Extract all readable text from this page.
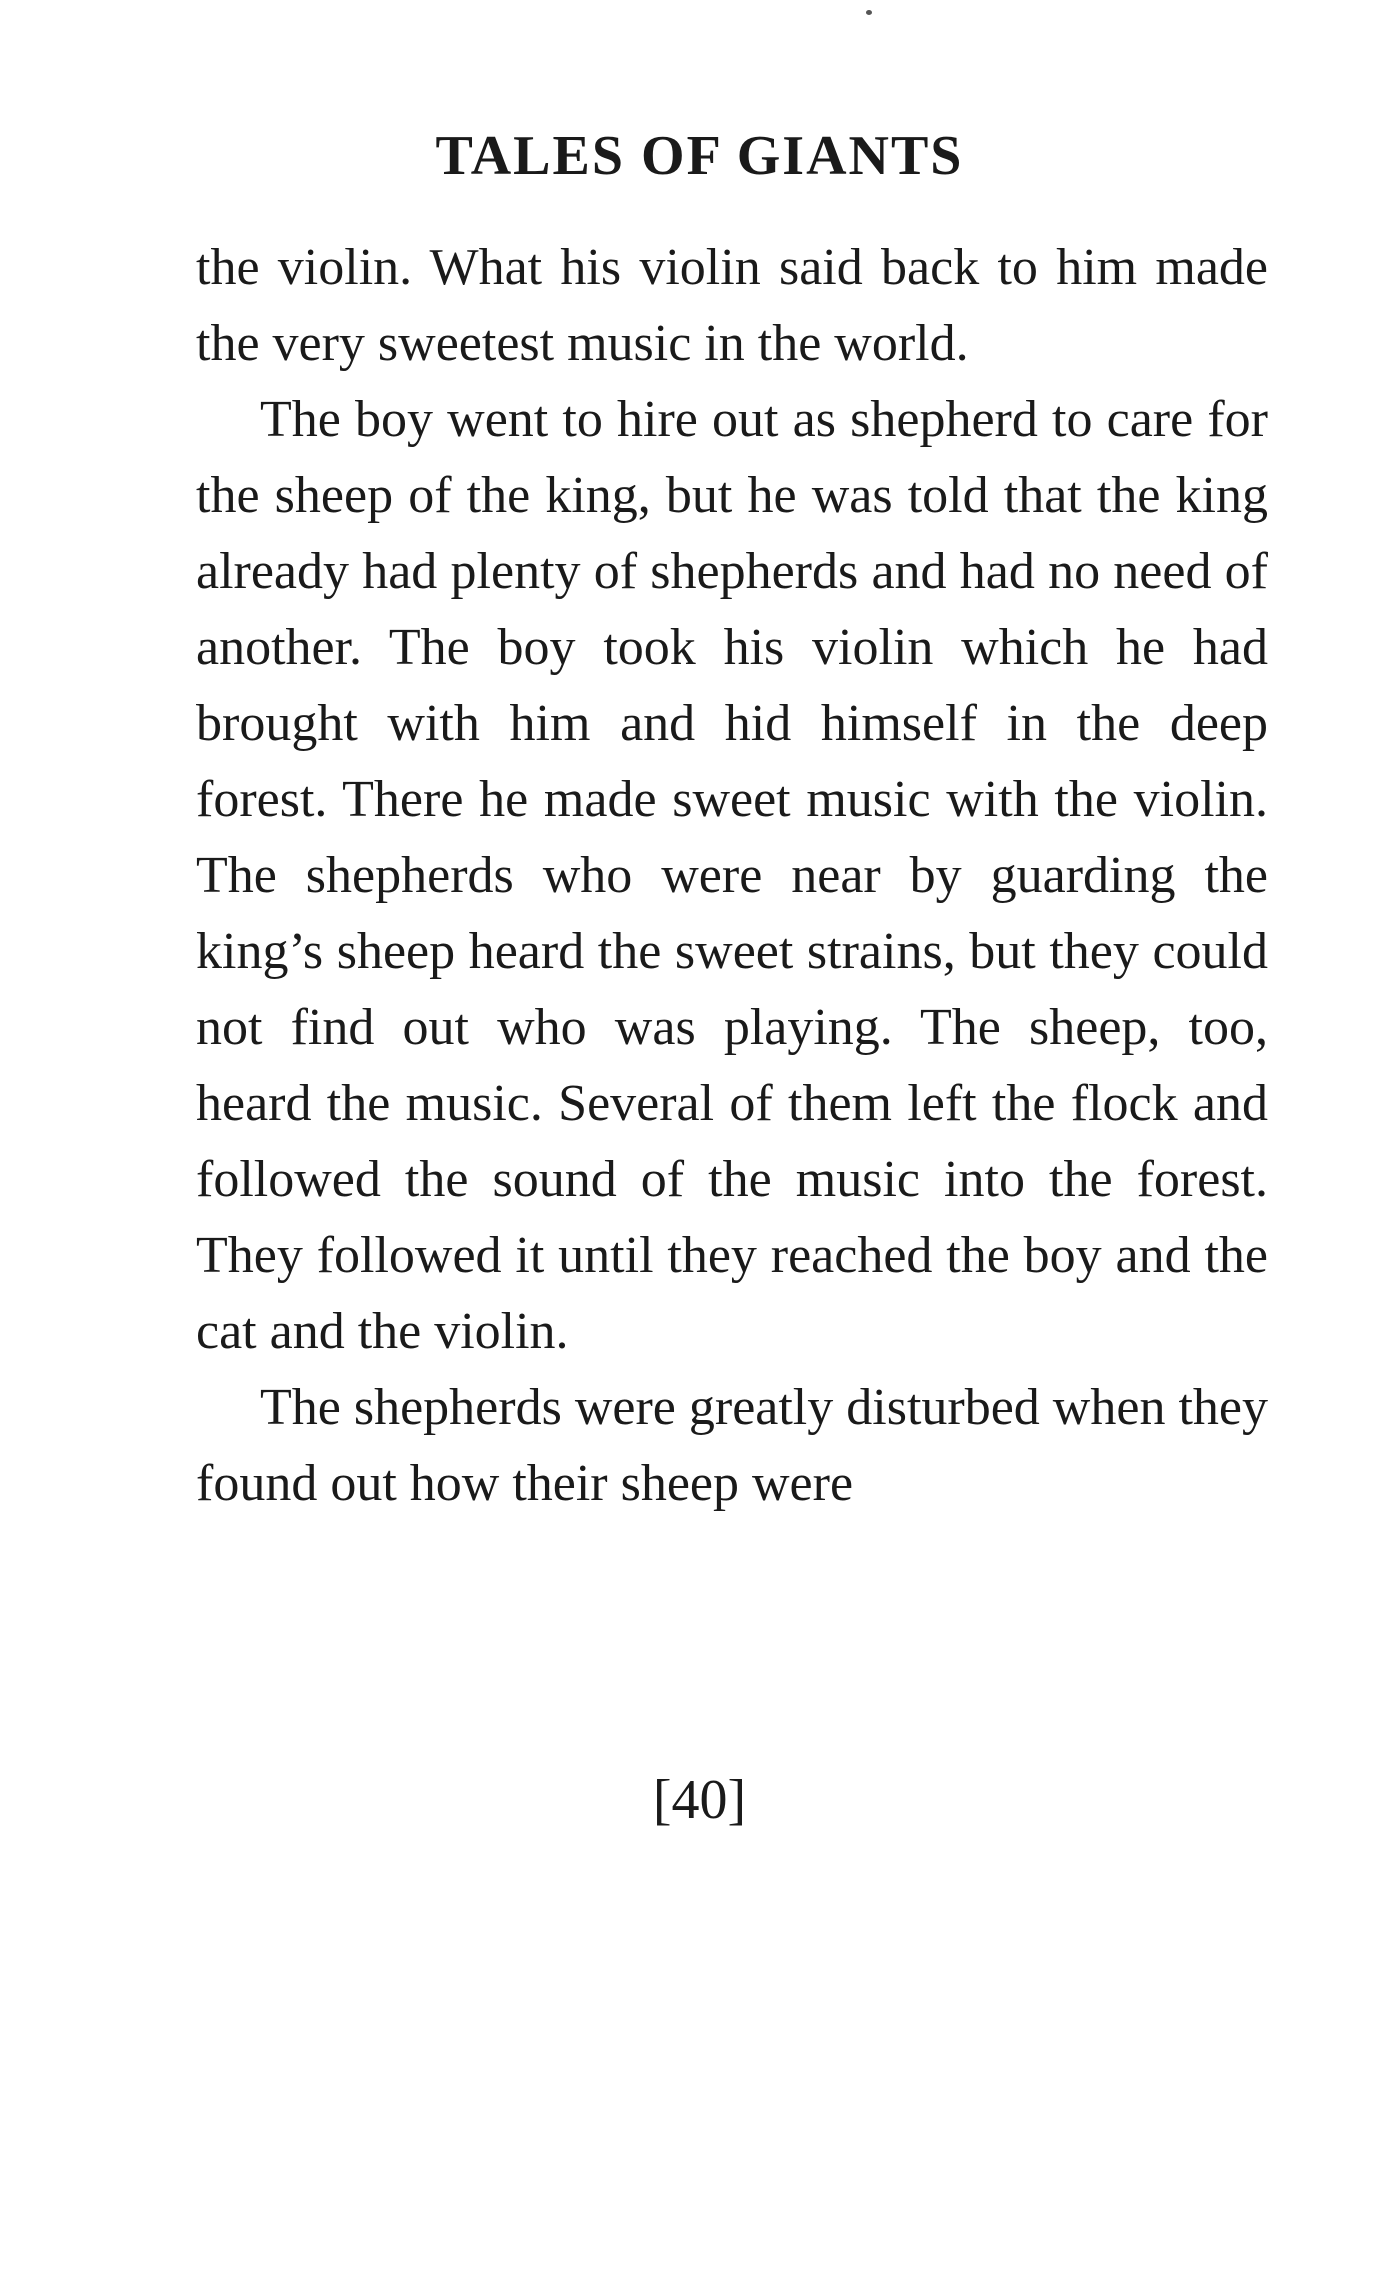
TALES OF GIANTS

the violin. What his violin said back to him made the very sweetest music in the world.

The boy went to hire out as shepherd to care for the sheep of the king, but he was told that the king already had plenty of shepherds and had no need of another. The boy took his violin which he had brought with him and hid himself in the deep forest. There he made sweet music with the violin. The shepherds who were near by guarding the king’s sheep heard the sweet strains, but they could not find out who was playing. The sheep, too, heard the music. Several of them left the flock and followed the sound of the music into the forest. They followed it until they reached the boy and the cat and the violin.

The shepherds were greatly disturbed when they found out how their sheep were

[40]
